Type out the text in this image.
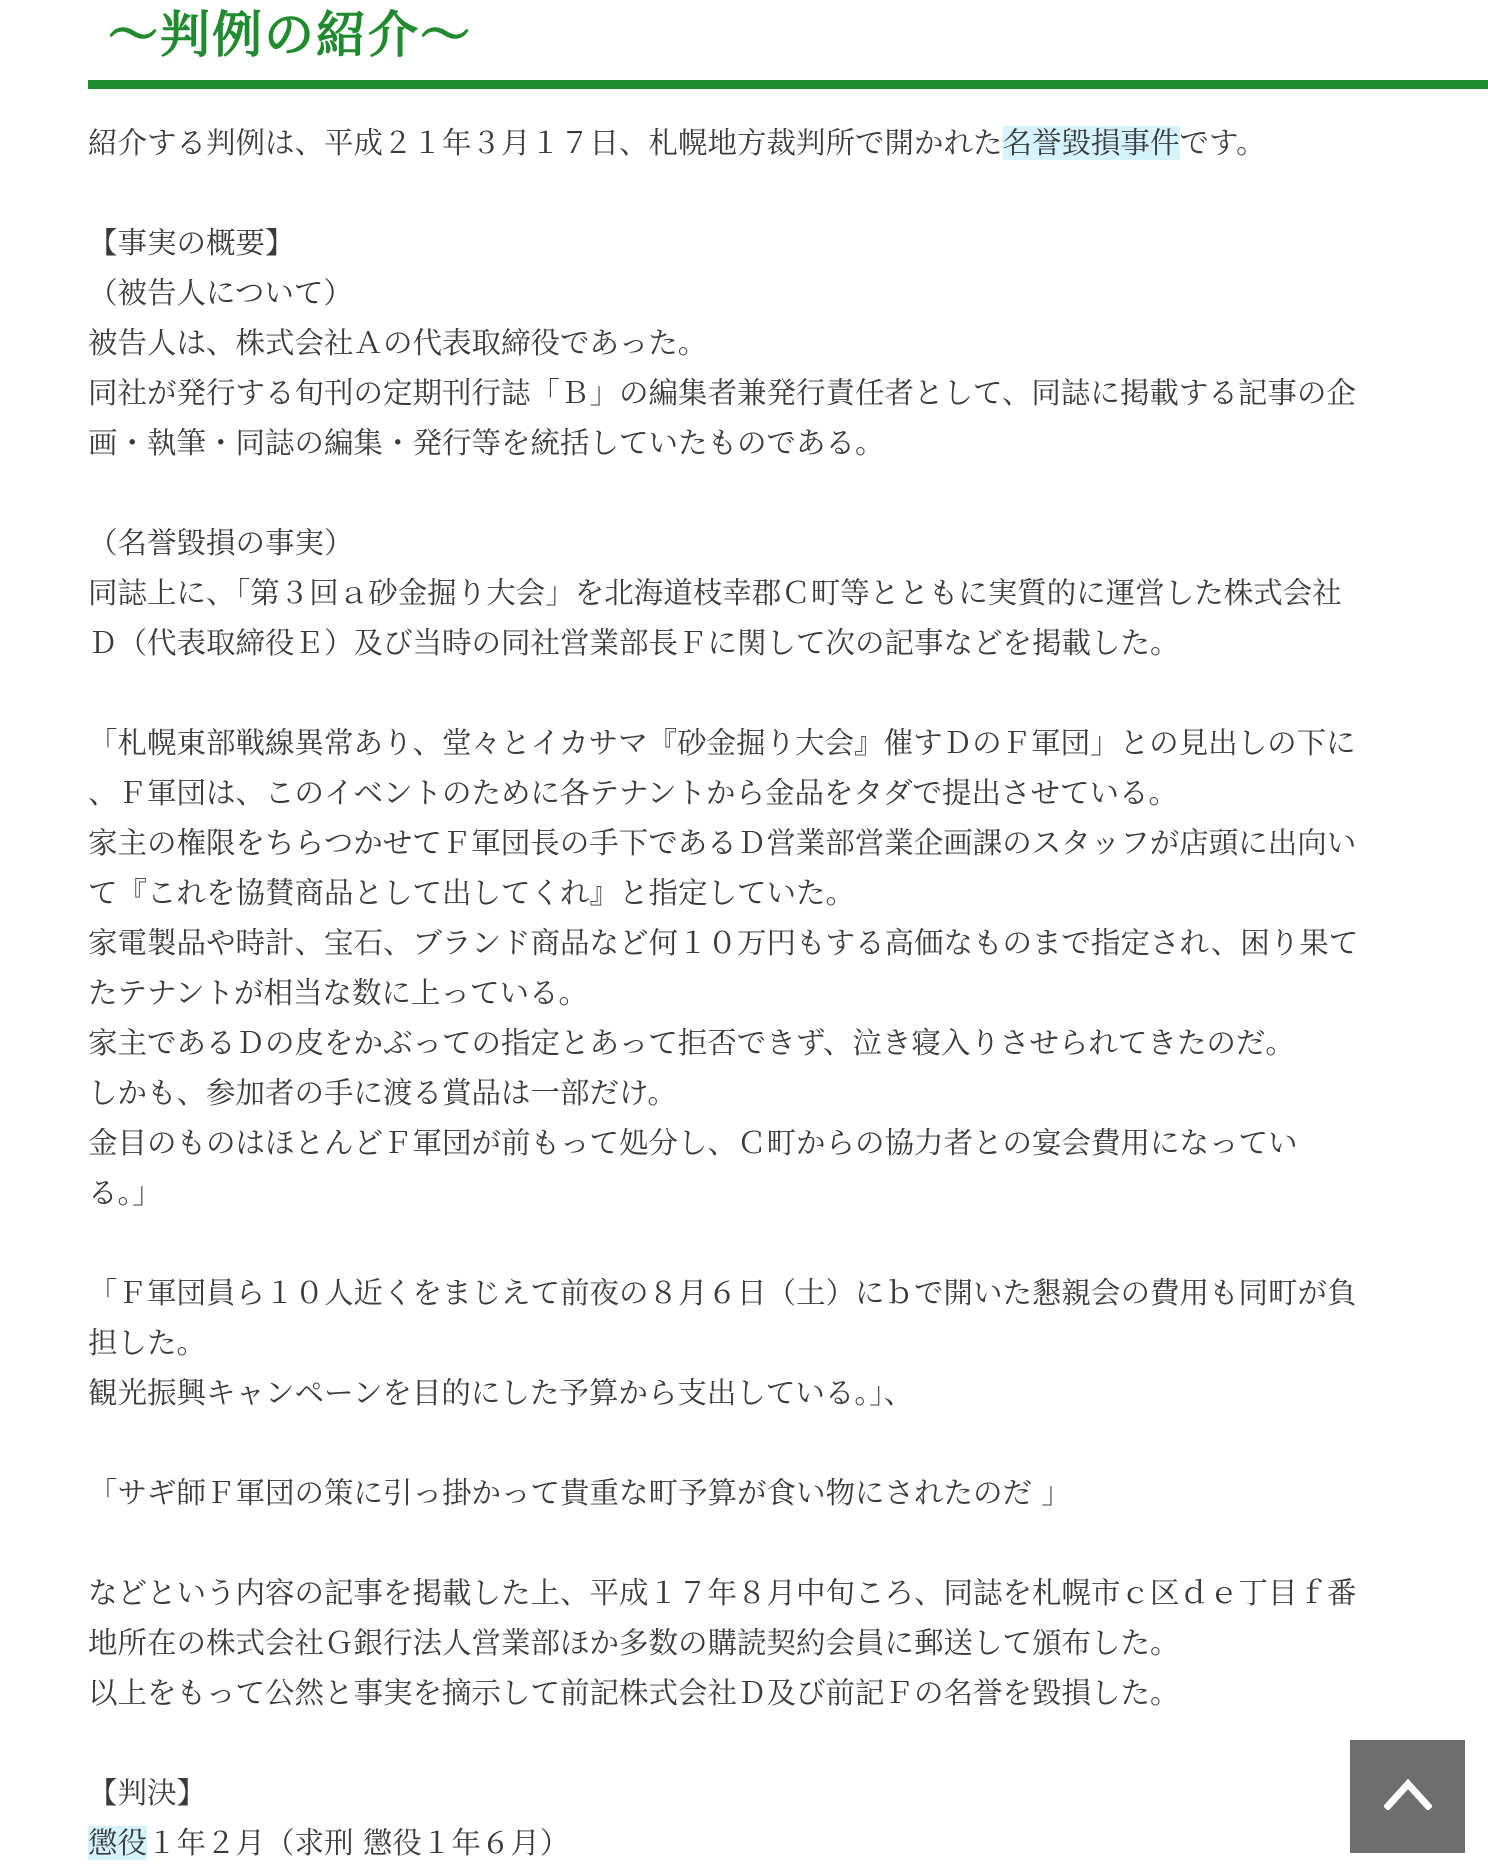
〜判例の紹介〜
紹介する判例は、平成２１年３月１７日、札幌地方裁判所で開かれた名誉毀損事件です。
【事実の概要】
（被告人について）
被告人は、株式会社Ａの代表取締役であった。
同社が発行する旬刊の定期刊行誌「Ｂ」の編集者兼発行責任者として、同誌に掲載する記事の企
画・執筆・同誌の編集・発行等を統括していたものである。
（名誉毀損の事実）
同誌上に、「第３回ａ砂金掘り大会」を北海道枝幸郡Ｃ町等とともに実質的に運営した株式会社
Ｄ（代表取締役Ｅ）及び当時の同社営業部長Ｆに関して次の記事などを掲載した。
「札幌東部戦線異常あり、堂々とイカサマ『砂金掘り大会』催すＤのＦ軍団」との見出しの下に
、Ｆ軍団は、このイベントのために各テナントから金品をタダで提出させている。
家主の権限をちらつかせてＦ軍団長の手下であるＤ営業部営業企画課のスタッフが店頭に出向い
て『これを協賛商品として出してくれ』と指定していた。
家電製品や時計、宝石、ブランド商品など何１０万円もする高価なものまで指定され、困り果て
たテナントが相当な数に上っている。
家主であるＤの皮をかぶっての指定とあって拒否できず、泣き寝入りさせられてきたのだ。
しかも、参加者の手に渡る賞品は一部だけ。
金目のものはほとんどＦ軍団が前もって処分し、Ｃ町からの協力者との宴会費用になってい
る。」
「Ｆ軍団員ら１０人近くをまじえて前夜の８月６日（土）にｂで開いた懇親会の費用も同町が負
担した。
観光振興キャンペーンを目的にした予算から支出している。」、
「サギ師Ｆ軍団の策に引っ掛かって貴重な町予算が食い物にされたのだ 」
などという内容の記事を掲載した上、平成１７年８月中旬ころ、同誌を札幌市ｃ区ｄｅ丁目ｆ番
地所在の株式会社Ｇ銀行法人営業部ほか多数の購読契約会員に郵送して頒布した。
以上をもって公然と事実を摘示して前記株式会社Ｄ及び前記Ｆの名誉を毀損した。
【判決】
懲役１年２月（求刑 懲役１年６月）
